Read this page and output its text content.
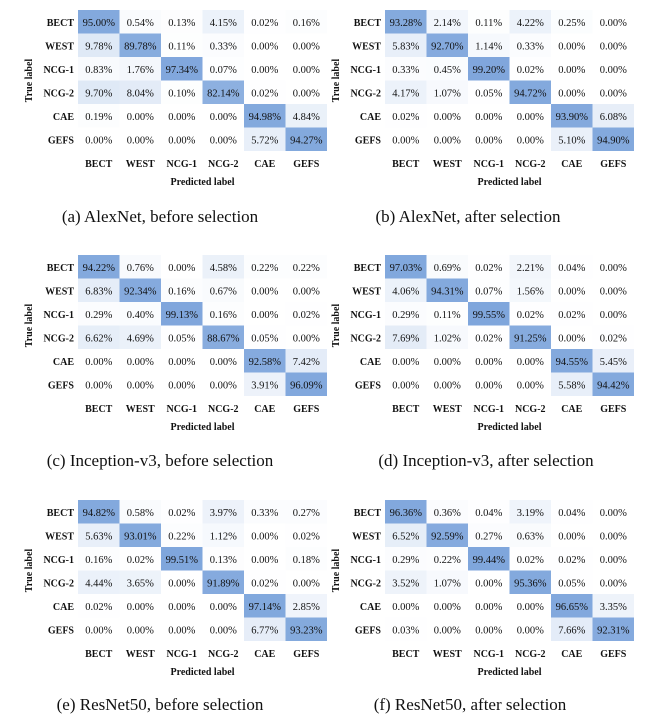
95.00% 0.54% 0.13% 4.15% 0.02% 0.16%
9.78% 89.78% 0.11% 0.33% 0.00% 0.00%
0.83% 1.76% 97.34% 0.07% 0.00% 0.00%
9.70% 8.04% 0.10% 82.14% 0.02% 0.00%
0.19% 0.00% 0.00% 0.00% 94.98% 4.84%
0.00% 0.00% 0.00% 0.00% 5.72% 94.27%
BECT
WEST
NCG-1
NCG-2
CAE
GEFS
BECT WEST NCG-1 NCG-2 CAE GEFS
Predicted label
True label
(a) AlexNet, before selection
93.28% 2.14% 0.11% 4.22% 0.25% 0.00%
5.83% 92.70% 1.14% 0.33% 0.00% 0.00%
0.33% 0.45% 99.20% 0.02% 0.00% 0.00%
4.17% 1.07% 0.05% 94.72% 0.00% 0.00%
0.02% 0.00% 0.00% 0.00% 93.90% 6.08%
0.00% 0.00% 0.00% 0.00% 5.10% 94.90%
BECT
WEST
NCG-1
NCG-2
CAE
GEFS
BECT WEST NCG-1 NCG-2 CAE GEFS
Predicted label
True label
(b) AlexNet, after selection
94.22% 0.76% 0.00% 4.58% 0.22% 0.22%
6.83% 92.34% 0.16% 0.67% 0.00% 0.00%
0.29% 0.40% 99.13% 0.16% 0.00% 0.02%
6.62% 4.69% 0.05% 88.67% 0.05% 0.00%
0.00% 0.00% 0.00% 0.00% 92.58% 7.42%
0.00% 0.00% 0.00% 0.00% 3.91% 96.09%
BECT
WEST
NCG-1
NCG-2
CAE
GEFS
BECT WEST NCG-1 NCG-2 CAE GEFS
Predicted label
True label
(c) Inception-v3, before selection
97.03% 0.69% 0.02% 2.21% 0.04% 0.00%
4.06% 94.31% 0.07% 1.56% 0.00% 0.00%
0.29% 0.11% 99.55% 0.02% 0.02% 0.00%
7.69% 1.02% 0.02% 91.25% 0.00% 0.02%
0.00% 0.00% 0.00% 0.00% 94.55% 5.45%
0.00% 0.00% 0.00% 0.00% 5.58% 94.42%
BECT
WEST
NCG-1
NCG-2
CAE
GEFS
BECT WEST NCG-1 NCG-2 CAE GEFS
Predicted label
True label
(d) Inception-v3, after selection
94.82% 0.58% 0.02% 3.97% 0.33% 0.27%
5.63% 93.01% 0.22% 1.12% 0.00% 0.02%
0.16% 0.02% 99.51% 0.13% 0.00% 0.18%
4.44% 3.65% 0.00% 91.89% 0.02% 0.00%
0.02% 0.00% 0.00% 0.00% 97.14% 2.85%
0.00% 0.00% 0.00% 0.00% 6.77% 93.23%
BECT
WEST
NCG-1
NCG-2
CAE
GEFS
BECT WEST NCG-1 NCG-2 CAE GEFS
Predicted label
True label
(e) ResNet50, before selection
96.36% 0.36% 0.04% 3.19% 0.04% 0.00%
6.52% 92.59% 0.27% 0.63% 0.00% 0.00%
0.29% 0.22% 99.44% 0.02% 0.02% 0.00%
3.52% 1.07% 0.00% 95.36% 0.05% 0.00%
0.00% 0.00% 0.00% 0.00% 96.65% 3.35%
0.03% 0.00% 0.00% 0.00% 7.66% 92.31%
BECT
WEST
NCG-1
NCG-2
CAE
GEFS
BECT WEST NCG-1 NCG-2 CAE GEFS
Predicted label
True label
(f) ResNet50, after selection
